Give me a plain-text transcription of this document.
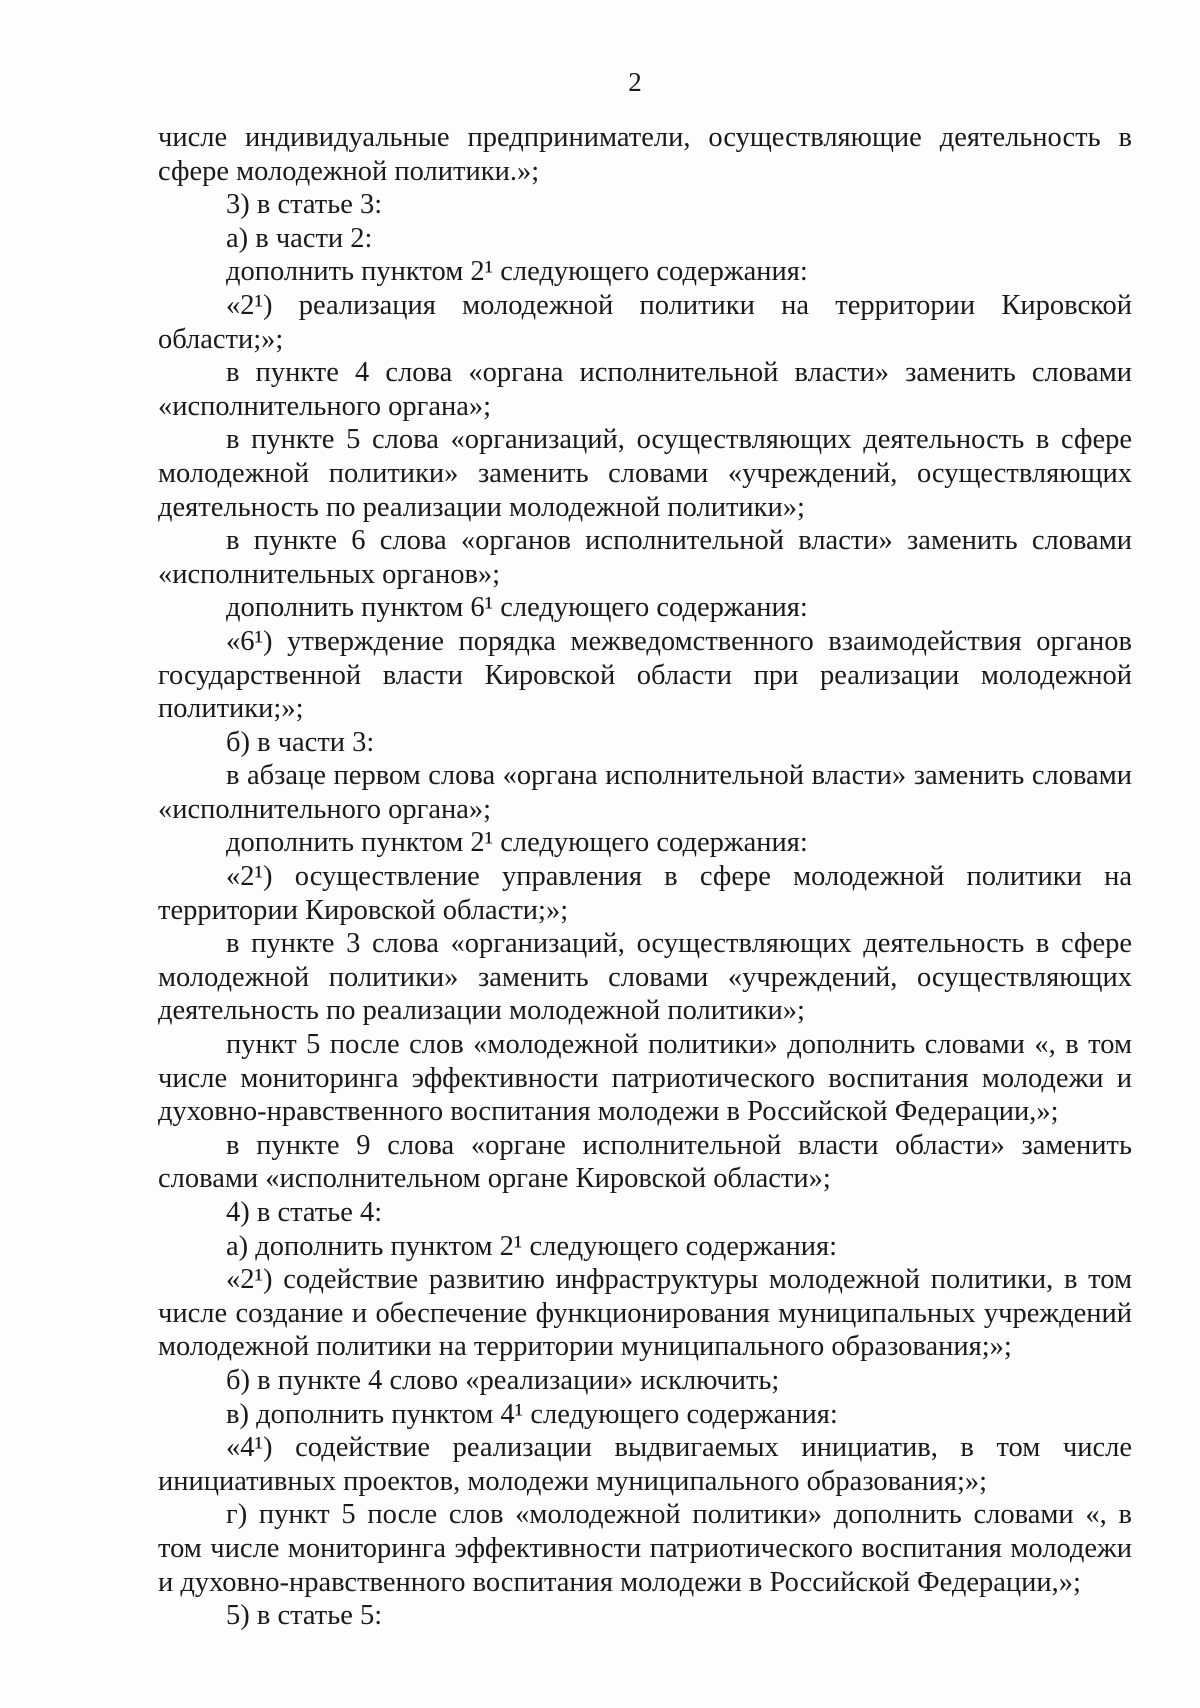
2

числе индивидуальные предприниматели, осуществляющие деятельность в сфере молодежной политики.»;

3) в статье 3:

а) в части 2:

дополнить пунктом 2¹ следующего содержания:

«2¹) реализация молодежной политики на территории Кировской области;»;

в пункте 4 слова «органа исполнительной власти» заменить словами «исполнительного органа»;

в пункте 5 слова «организаций, осуществляющих деятельность в сфере молодежной политики» заменить словами «учреждений, осуществляющих деятельность по реализации молодежной политики»;

в пункте 6 слова «органов исполнительной власти» заменить словами «исполнительных органов»;

дополнить пунктом 6¹ следующего содержания:

«6¹) утверждение порядка межведомственного взаимодействия органов государственной власти Кировской области при реализации молодежной политики;»;

б) в части 3:

в абзаце первом слова «органа исполнительной власти» заменить словами «исполнительного органа»;

дополнить пунктом 2¹ следующего содержания:

«2¹) осуществление управления в сфере молодежной политики на территории Кировской области;»;

в пункте 3 слова «организаций, осуществляющих деятельность в сфере молодежной политики» заменить словами «учреждений, осуществляющих деятельность по реализации молодежной политики»;

пункт 5 после слов «молодежной политики» дополнить словами «, в том числе мониторинга эффективности патриотического воспитания молодежи и духовно-нравственного воспитания молодежи в Российской Федерации,»;

в пункте 9 слова «органе исполнительной власти области» заменить словами «исполнительном органе Кировской области»;

4) в статье 4:

а) дополнить пунктом 2¹ следующего содержания:

«2¹) содействие развитию инфраструктуры молодежной политики, в том числе создание и обеспечение функционирования муниципальных учреждений молодежной политики на территории муниципального образования;»;

б) в пункте 4 слово «реализации» исключить;

в) дополнить пунктом 4¹ следующего содержания:

«4¹) содействие реализации выдвигаемых инициатив, в том числе инициативных проектов, молодежи муниципального образования;»;

г) пункт 5 после слов «молодежной политики» дополнить словами «, в том числе мониторинга эффективности патриотического воспитания молодежи и духовно-нравственного воспитания молодежи в Российской Федерации,»;

5) в статье 5:
